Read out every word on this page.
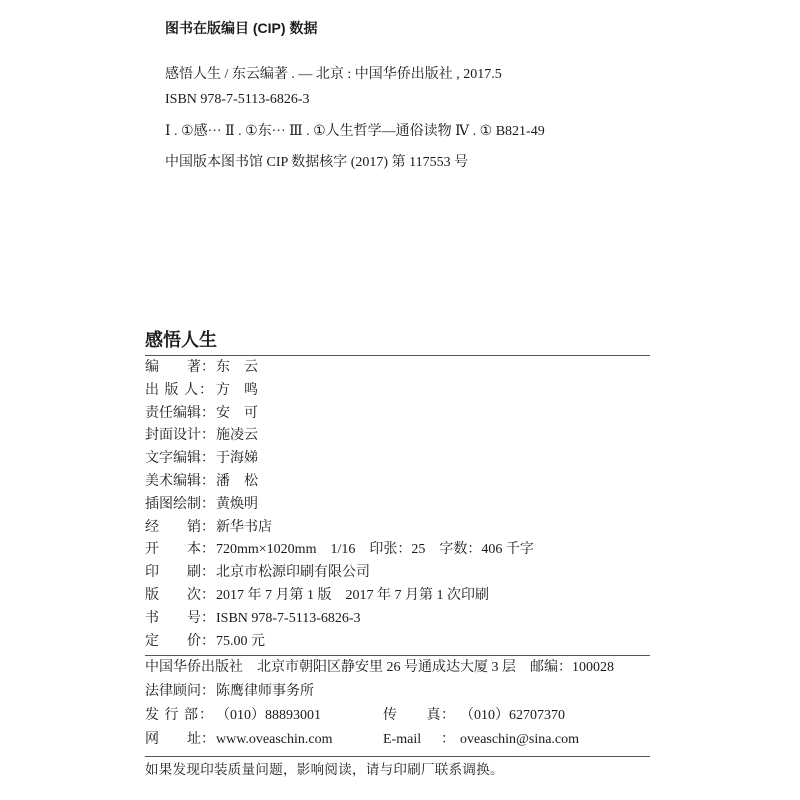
图书在版编目 (CIP) 数据
感悟人生 / 东云编著 . — 北京 : 中国华侨出版社 , 2017.5
ISBN 978-7-5113-6826-3
Ⅰ . ①感··· Ⅱ . ①东··· Ⅲ . ①人生哲学—通俗读物 Ⅳ . ① B821-49
中国版本图书馆 CIP 数据核字 (2017) 第 117553 号
感悟人生
编　　著： 东　云
出 版 人： 方　鸣
责任编辑： 安　可
封面设计： 施凌云
文字编辑： 于海娣
美术编辑： 潘　松
插图绘制： 黄焕明
经　　销： 新华书店
开　　本： 720mm×1020mm　1/16　印张：25　字数：406 千字
印　　刷： 北京市松源印刷有限公司
版　　次： 2017 年 7 月第 1 版　2017 年 7 月第 1 次印刷
书　　号： ISBN 978-7-5113-6826-3
定　　价： 75.00 元
中国华侨出版社　北京市朝阳区静安里 26 号通成达大厦 3 层　邮编：100028
法律顾问： 陈鹰律师事务所
发 行 部： （010）88893001	传　　真： （010）62707370
网　　址： www.oveaschin.com	E-mail： oveaschin@sina.com
如果发现印装质量问题，影响阅读，请与印刷厂联系调换。
